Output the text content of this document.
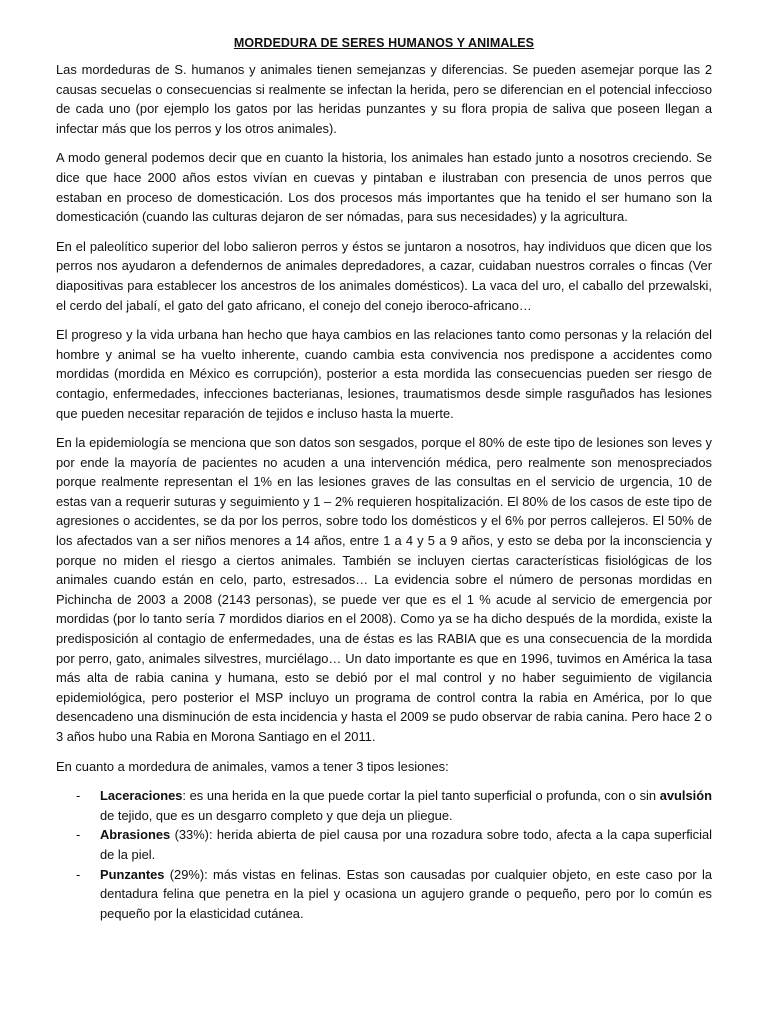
MORDEDURA DE SERES HUMANOS Y ANIMALES

Las mordeduras de S. humanos y animales tienen semejanzas y diferencias. Se pueden asemejar porque las 2 causas secuelas o consecuencias si realmente se infectan la herida, pero se diferencian en el potencial infeccioso de cada uno (por ejemplo los gatos por las heridas punzantes y su flora propia de saliva que poseen llegan a infectar más que los perros y los otros animales).

A modo general podemos decir que en cuanto la historia, los animales han estado junto a nosotros creciendo. Se dice que hace 2000 años estos vivían en cuevas y pintaban e ilustraban con presencia de unos perros que estaban en proceso de domesticación. Los dos procesos más importantes que ha tenido el ser humano son la domesticación (cuando las culturas dejaron de ser nómadas, para sus necesidades) y la agricultura.

En el paleolítico superior del lobo salieron perros y éstos se juntaron a nosotros, hay individuos que dicen que los perros nos ayudaron a defendernos de animales depredadores, a cazar, cuidaban nuestros corrales o fincas (Ver diapositivas para establecer los ancestros de los animales domésticos). La vaca del uro, el caballo del przewalski, el cerdo del jabalí, el gato del gato africano, el conejo del conejo iberoco-africano…

El progreso y la vida urbana han hecho que haya cambios en las relaciones tanto como personas y la relación del hombre y animal se ha vuelto inherente, cuando cambia esta convivencia nos predispone a accidentes como mordidas (mordida en México es corrupción), posterior a esta mordida las consecuencias pueden ser riesgo de contagio, enfermedades, infecciones bacterianas, lesiones, traumatismos desde simple rasguñados has lesiones que pueden necesitar reparación de tejidos e incluso hasta la muerte.

En la epidemiología se menciona que son datos son sesgados, porque el 80% de este tipo de lesiones son leves y por ende la mayoría de pacientes no acuden a una intervención médica, pero realmente son menospreciados porque realmente representan el 1% en las lesiones graves de las consultas en el servicio de urgencia, 10 de estas van a requerir suturas y seguimiento y 1 – 2% requieren hospitalización. El 80% de los casos de este tipo de agresiones o accidentes, se da por los perros, sobre todo los domésticos y el 6% por perros callejeros. El 50% de los afectados van a ser niños menores a 14 años, entre 1 a 4 y 5 a 9 años, y esto se deba por la inconsciencia y porque no miden el riesgo a ciertos animales. También se incluyen ciertas características fisiológicas de los animales cuando están en celo, parto, estresados… La evidencia sobre el número de personas mordidas en Pichincha de 2003 a 2008 (2143 personas), se puede ver que es el 1 % acude al servicio de emergencia por mordidas (por lo tanto sería 7 mordidos diarios en el 2008). Como ya se ha dicho después de la mordida, existe la predisposición al contagio de enfermedades, una de éstas es las RABIA que es una consecuencia de la mordida por perro, gato, animales silvestres, murciélago… Un dato importante es que en 1996, tuvimos en América la tasa más alta de rabia canina y humana, esto se debió por el mal control y no haber seguimiento de vigilancia epidemiológica, pero posterior el MSP incluyo un programa de control contra la rabia en América, por lo que desencadeno una disminución de esta incidencia y hasta el 2009 se pudo observar de rabia canina. Pero hace 2 o 3 años hubo una Rabia en Morona Santiago en el 2011.

En cuanto a mordedura de animales, vamos a tener 3 tipos lesiones:

- Laceraciones: es una herida en la que puede cortar la piel tanto superficial o profunda, con o sin avulsión de tejido, que es un desgarro completo y que deja un pliegue.
- Abrasiones (33%): herida abierta de piel causa por una rozadura sobre todo, afecta a la capa superficial de la piel.
- Punzantes (29%): más vistas en felinas. Estas son causadas por cualquier objeto, en este caso por la dentadura felina que penetra en la piel y ocasiona un agujero grande o pequeño, pero por lo común es pequeño por la elasticidad cutánea.
